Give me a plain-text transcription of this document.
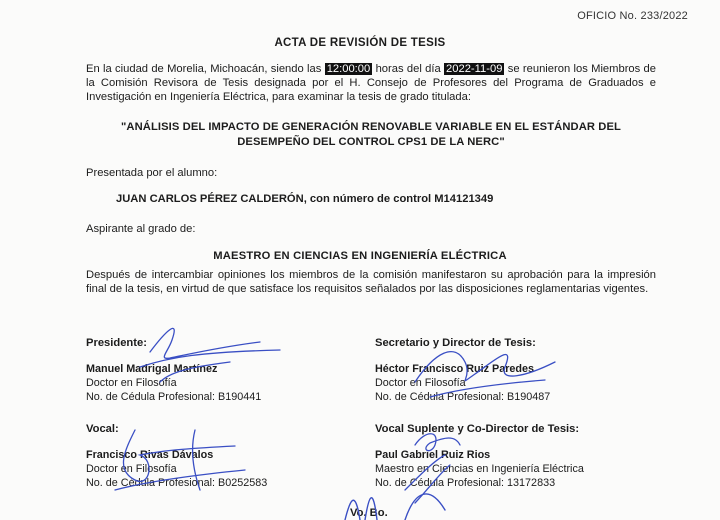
OFICIO No. 233/2022
ACTA DE REVISIÓN DE TESIS
En la ciudad de Morelia, Michoacán, siendo las 12:00:00 horas del día 2022-11-09 se reunieron los Miembros de la Comisión Revisora de Tesis designada por el H. Consejo de Profesores del Programa de Graduados e Investigación en Ingeniería Eléctrica, para examinar la tesis de grado titulada:
"ANÁLISIS DEL IMPACTO DE GENERACIÓN RENOVABLE VARIABLE EN EL ESTÁNDAR DEL DESEMPEÑO DEL CONTROL CPS1 DE LA NERC"
Presentada por el alumno:
JUAN CARLOS PÉREZ CALDERÓN, con número de control M14121349
Aspirante al grado de:
MAESTRO EN CIENCIAS EN INGENIERÍA ELÉCTRICA
Después de intercambiar opiniones los miembros de la comisión manifestaron su aprobación para la impresión final de la tesis, en virtud de que satisface los requisitos señalados por las disposiciones reglamentarias vigentes.
Presidente:
Manuel Madrigal Martínez
Doctor en Filosofía
No. de Cédula Profesional: B190441
Secretario y Director de Tesis:
Héctor Francisco Ruiz Paredes
Doctor en Filosofía
No. de Cédula Profesional: B190487
Vocal:
Francisco Rivas Dávalos
Doctor en Filosofía
No. de Cédula Profesional: B0252583
Vocal Suplente y Co-Director de Tesis:
Paul Gabriel Ruiz Rios
Maestro en Ciencias en Ingeniería Eléctrica
No. de Cédula Profesional: 13172833
Vo. Bo.
